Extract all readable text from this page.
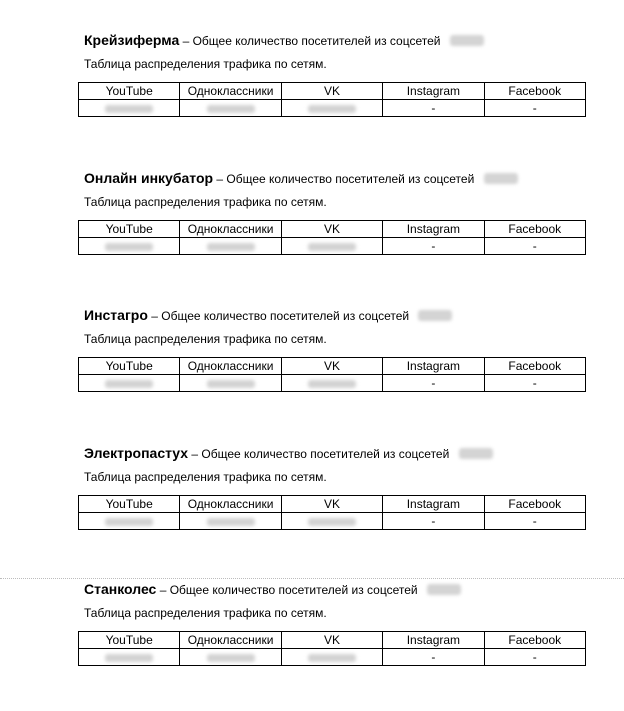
Крейзиферма – Общее количество посетителей из соцсетей
Таблица распределения трафика по сетям.
YouTube	Одноклассники	VK	Instagram	Facebook
			-	-
Онлайн инкубатор – Общее количество посетителей из соцсетей
Таблица распределения трафика по сетям.
YouTube	Одноклассники	VK	Instagram	Facebook
			-	-
Инстагро – Общее количество посетителей из соцсетей
Таблица распределения трафика по сетям.
YouTube	Одноклассники	VK	Instagram	Facebook
			-	-
Электропастух – Общее количество посетителей из соцсетей
Таблица распределения трафика по сетям.
YouTube	Одноклассники	VK	Instagram	Facebook
			-	-
Станколес – Общее количество посетителей из соцсетей
Таблица распределения трафика по сетям.
YouTube	Одноклассники	VK	Instagram	Facebook
			-	-
